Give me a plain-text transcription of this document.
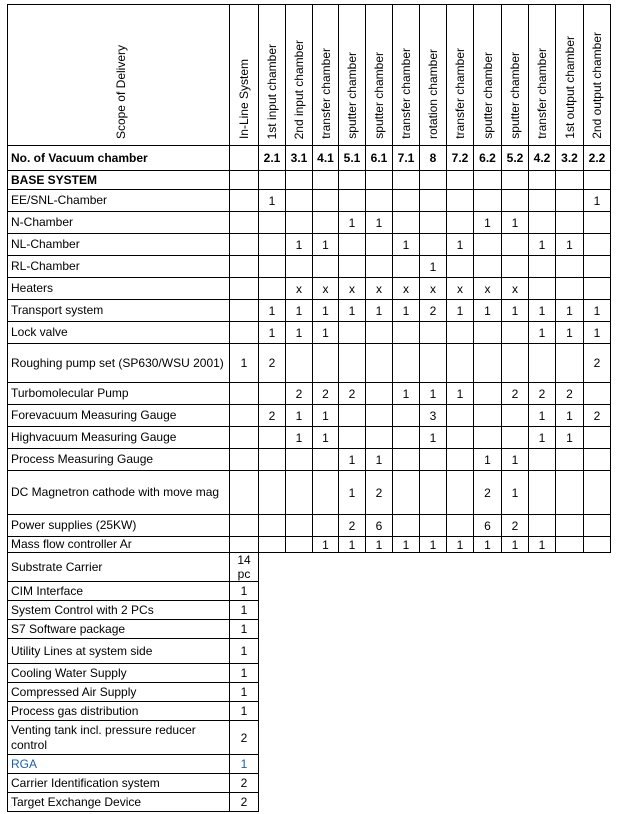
Scope of Delivery	In-Line System	1st input chamber	2nd input chamber	transfer chamber	sputter chamber	sputter chamber	transfer chamber	rotation chamber	transfer chamber	sputter chamber	sputter chamber	transfer chamber	1st output chamber	2nd output chamber

No. of Vacuum chamber		2.1	3.1	4.1	5.1	6.1	7.1	8	7.2	6.2	5.2	4.2	3.2	2.2
BASE SYSTEM														
EE/SNL-Chamber		1												1
N-Chamber					1	1				1	1			
NL-Chamber			1	1			1		1			1	1	
RL-Chamber								1						
Heaters			x	x	x	x	x	x	x	x	x			
Transport system		1	1	1	1	1	1	2	1	1	1	1	1	1
Lock valve		1	1	1								1	1	1
Roughing pump set (SP630/WSU 2001)	1	2												2
Turbomolecular Pump			2	2	2		1	1	1		2	2	2	
Forevacuum Measuring Gauge		2	1	1				3				1	1	2
Highvacuum Measuring Gauge			1	1				1				1	1	
Process Measuring Gauge					1	1				1	1			
DC Magnetron cathode with move mag					1	2				2	1			
Power supplies (25KW)					2	6				6	2			
Mass flow controller Ar				1	1	1	1	1	1	1	1	1		
Substrate Carrier	14 pc													
CIM Interface	1													
System Control with 2 PCs	1													
S7 Software package	1													
Utility Lines at system side	1													
Cooling Water Supply	1													
Compressed Air Supply	1													
Process gas distribution	1													
Venting tank incl. pressure reducer control	2													
RGA	1													
Carrier Identification system	2													
Target Exchange Device	2													
